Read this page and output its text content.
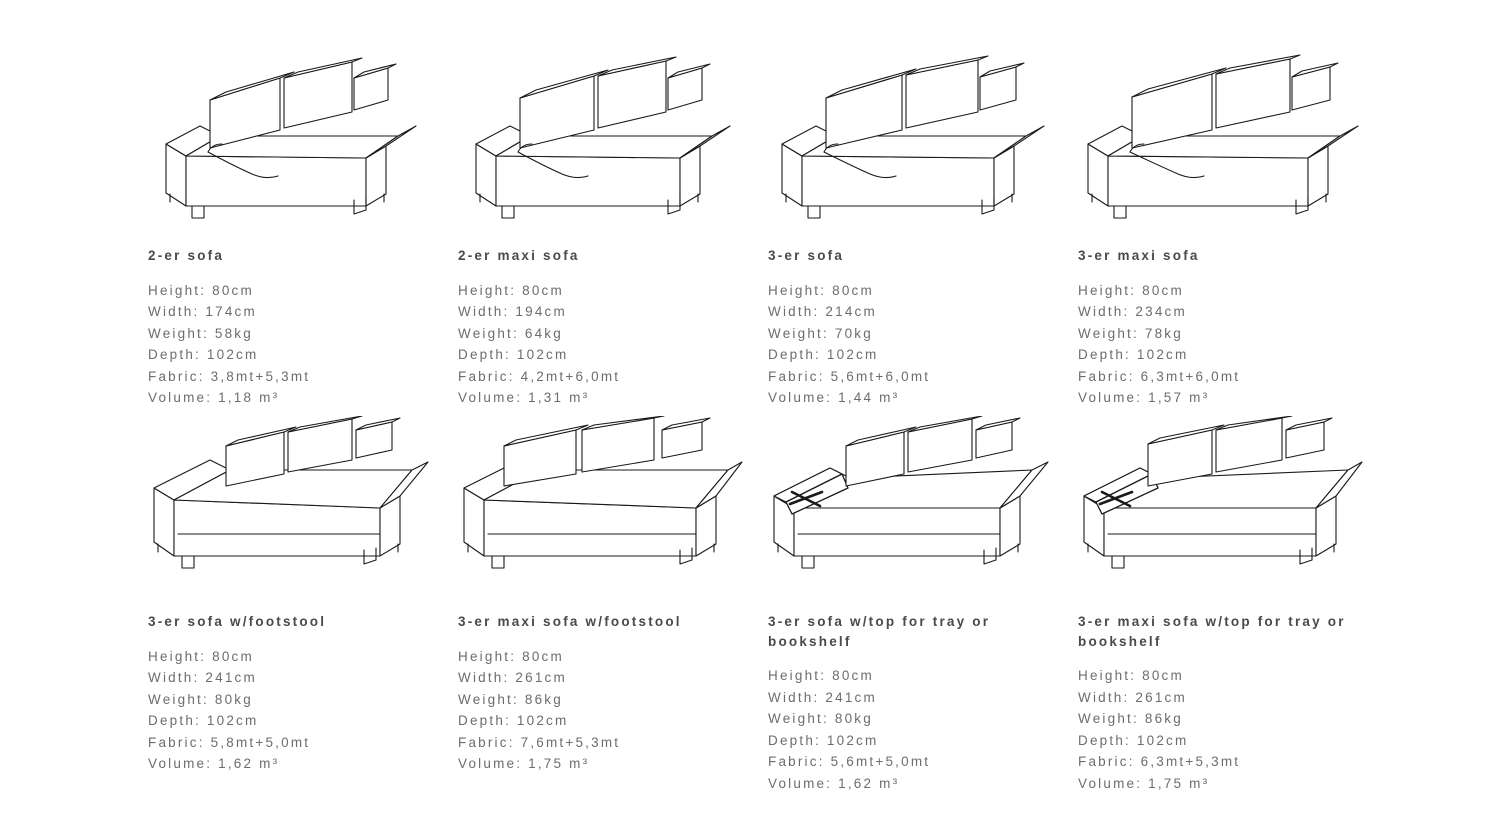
2-er sofa
Height: 80cm
Width: 174cm
Weight: 58kg
Depth: 102cm
Fabric: 3,8mt+5,3mt
Volume: 1,18 m³
2-er maxi sofa
Height: 80cm
Width: 194cm
Weight: 64kg
Depth: 102cm
Fabric: 4,2mt+6,0mt
Volume: 1,31 m³
3-er sofa
Height: 80cm
Width: 214cm
Weight: 70kg
Depth: 102cm
Fabric: 5,6mt+6,0mt
Volume: 1,44 m³
3-er maxi sofa
Height: 80cm
Width: 234cm
Weight: 78kg
Depth: 102cm
Fabric: 6,3mt+6,0mt
Volume: 1,57 m³
3-er sofa w/footstool
Height: 80cm
Width: 241cm
Weight: 80kg
Depth: 102cm
Fabric: 5,8mt+5,0mt
Volume: 1,62 m³
3-er maxi sofa w/footstool
Height: 80cm
Width: 261cm
Weight: 86kg
Depth: 102cm
Fabric: 7,6mt+5,3mt
Volume: 1,75 m³
3-er sofa w/top for tray or bookshelf
Height: 80cm
Width: 241cm
Weight: 80kg
Depth: 102cm
Fabric: 5,6mt+5,0mt
Volume: 1,62 m³
3-er maxi sofa w/top for tray or bookshelf
Height: 80cm
Width: 261cm
Weight: 86kg
Depth: 102cm
Fabric: 6,3mt+5,3mt
Volume: 1,75 m³
